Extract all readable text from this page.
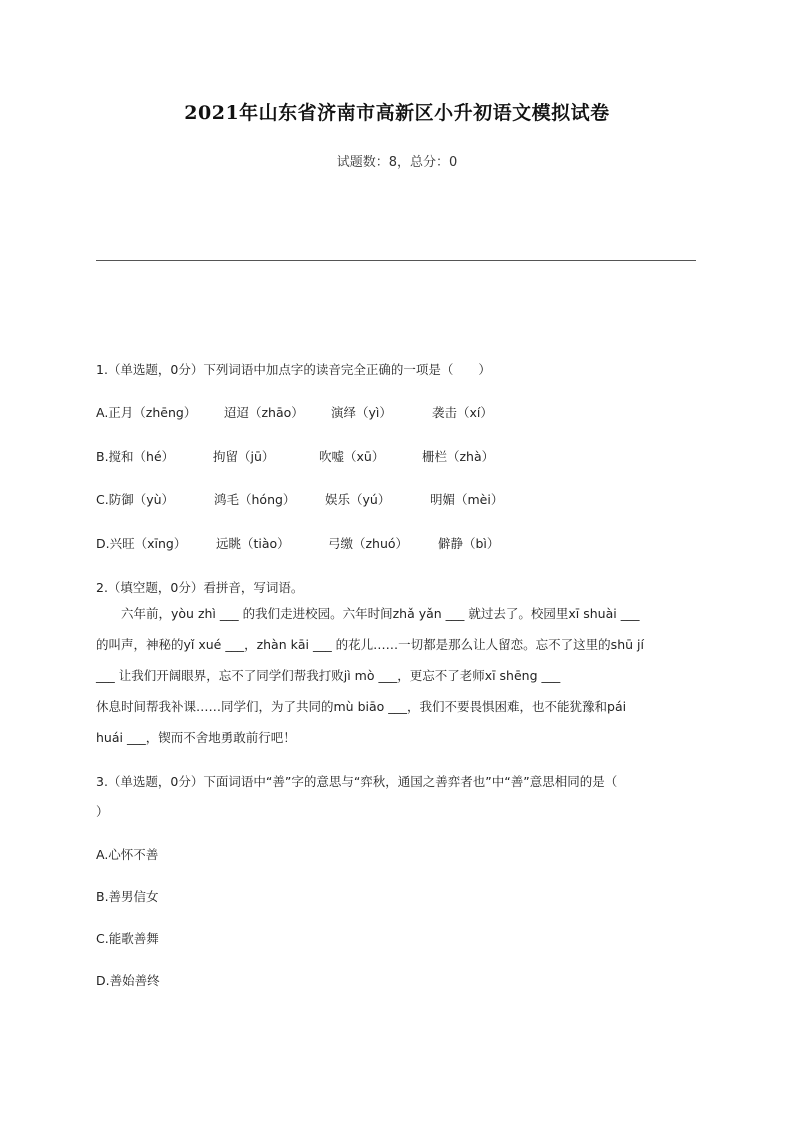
2021年山东省济南市高新区小升初语文模拟试卷
试题数：8，总分：0
1.（单选题，0分）下列词语中加点字的读音完全正确的一项是（　　）
A.正月（zhēng） 迢迢（zhāo） 演绎（yì）	袭击（xí）
B.搅和（hé）	拘留（jū）	吹嘘（xū）	栅栏（zhà）
C.防御（yù）	鸿毛（hóng） 娱乐（yú）	明媚（mèi）
D.兴旺（xīng） 远眺（tiào）	弓缴（zhuó） 僻静（bì）
2.（填空题，0分）看拼音，写词语。
六年前，yòu zhì ___ 的我们走进校园。六年时间zhǎ yǎn ___ 就过去了。校园里xī shuài ___
的叫声，神秘的yǐ xué ___，zhàn kāi ___ 的花儿……一切都是那么让人留恋。忘不了这里的shū jí
___ 让我们开阔眼界，忘不了同学们帮我打败jì mò ___，更忘不了老师xī shēng ___
休息时间帮我补课……同学们，为了共同的mù biāo ___，我们不要畏惧困难，也不能犹豫和pái
huái ___，锲而不舍地勇敢前行吧！
3.（单选题，0分）下面词语中“善”字的意思与“弈秋，通国之善弈者也”中“善”意思相同的是（
）
A.心怀不善
B.善男信女
C.能歌善舞
D.善始善终
